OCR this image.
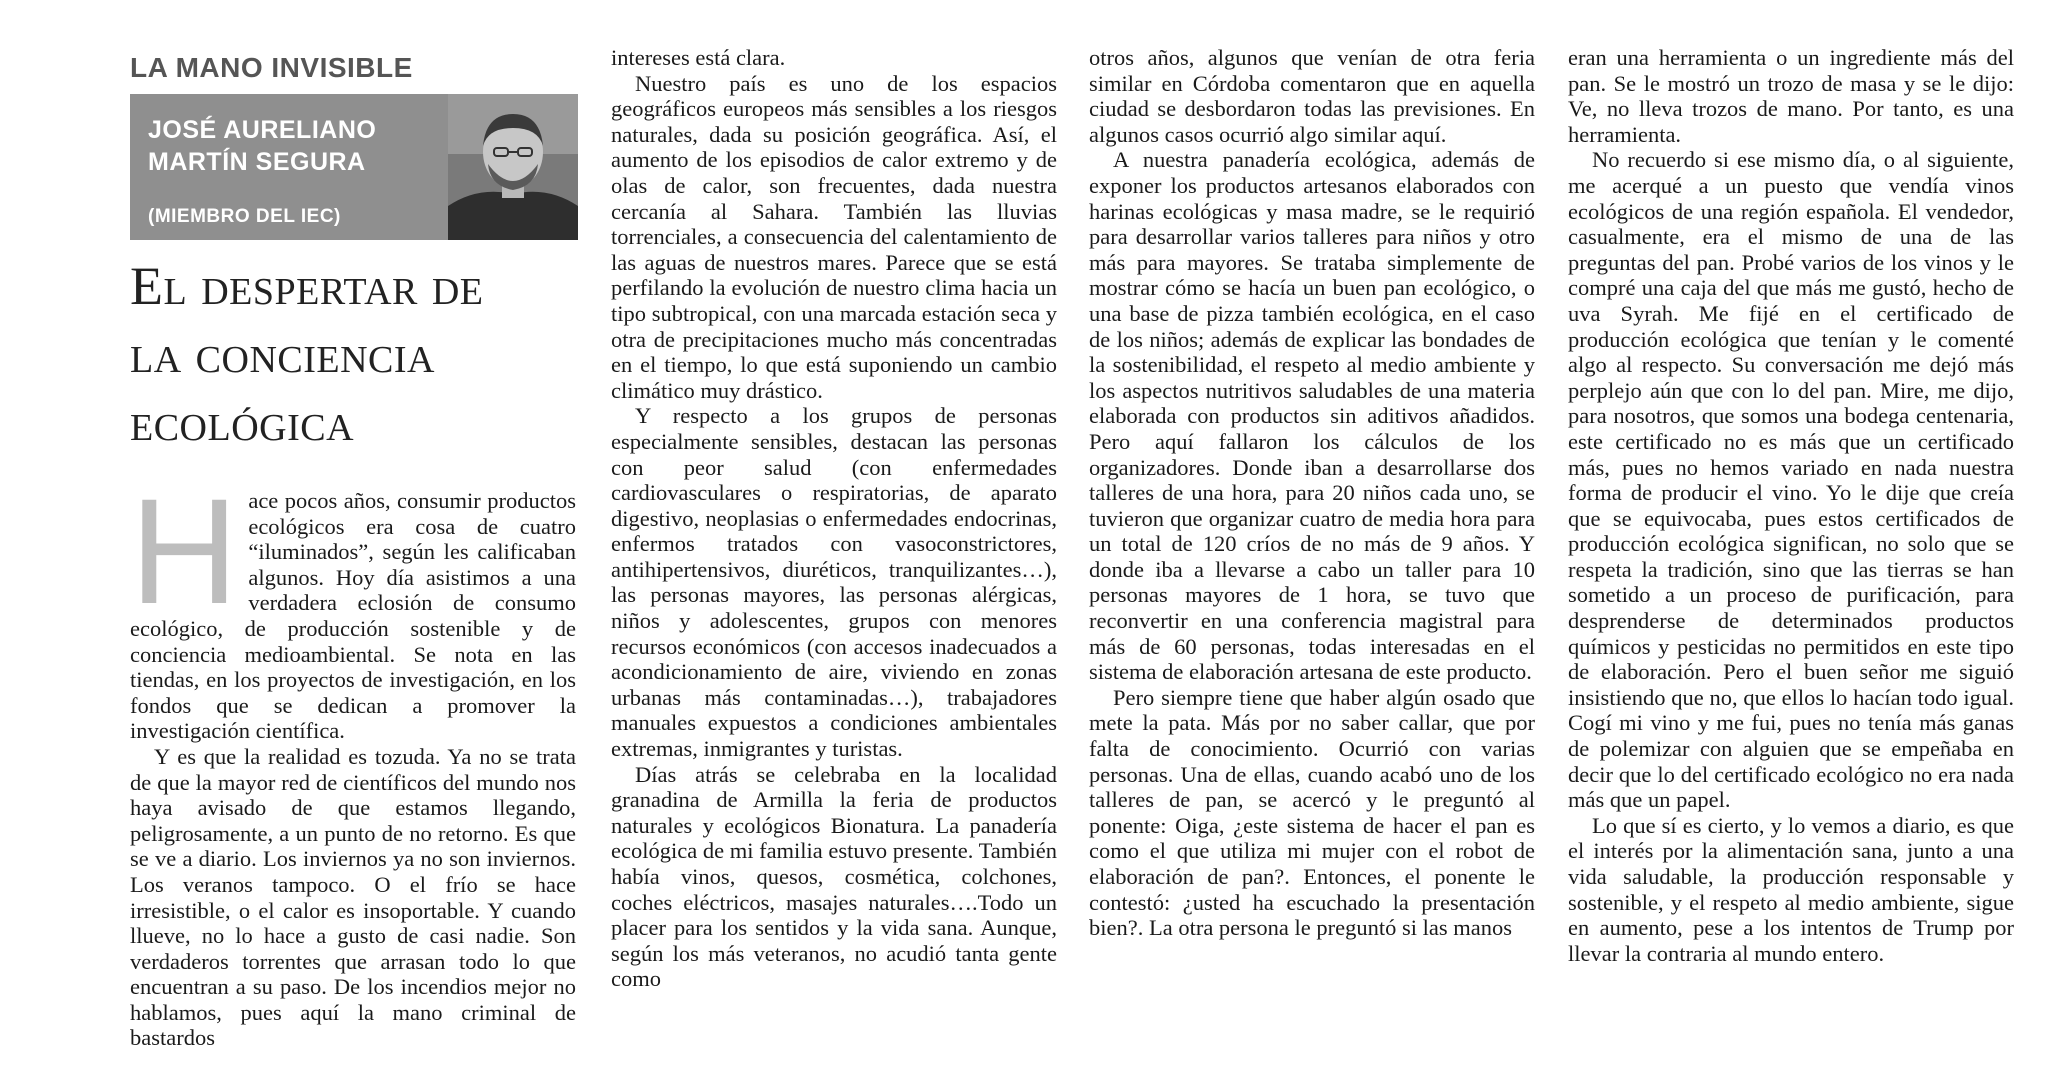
LA MANO INVISIBLE
JOSÉ AURELIANO
MARTÍN SEGURA
(MIEMBRO DEL IEC)
El despertar de
la conciencia
ecológica

Hace pocos años, consumir productos ecológicos era cosa de cuatro “iluminados”, según les calificaban algunos. Hoy día asistimos a una verdadera eclosión de consumo ecológico, de producción sostenible y de conciencia medioambiental. Se nota en las tiendas, en los proyectos de investigación, en los fondos que se dedican a promover la investigación científica.

Y es que la realidad es tozuda. Ya no se trata de que la mayor red de científicos del mundo nos haya avisado de que estamos llegando, peligrosamente, a un punto de no retorno. Es que se ve a diario. Los inviernos ya no son inviernos. Los veranos tampoco. O el frío se hace irresistible, o el calor es insoportable. Y cuando llueve, no lo hace a gusto de casi nadie. Son verdaderos torrentes que arrasan todo lo que encuentran a su paso. De los incendios mejor no hablamos, pues aquí la mano criminal de bastardos

intereses está clara.

Nuestro país es uno de los espacios geográficos europeos más sensibles a los riesgos naturales, dada su posición geográfica. Así, el aumento de los episodios de calor extremo y de olas de calor, son frecuentes, dada nuestra cercanía al Sahara. También las lluvias torrenciales, a consecuencia del calentamiento de las aguas de nuestros mares. Parece que se está perfilando la evolución de nuestro clima hacia un tipo subtropical, con una marcada estación seca y otra de precipitaciones mucho más concentradas en el tiempo, lo que está suponiendo un cambio climático muy drástico.

Y respecto a los grupos de personas especialmente sensibles, destacan las personas con peor salud (con enfermedades cardiovasculares o respiratorias, de aparato digestivo, neoplasias o enfermedades endocrinas, enfermos tratados con vasoconstrictores, antihipertensivos, diuréticos, tranquilizantes…), las personas mayores, las personas alérgicas, niños y adolescentes, grupos con menores recursos económicos (con accesos inadecuados a acondicionamiento de aire, viviendo en zonas urbanas más contaminadas…), trabajadores manuales expuestos a condiciones ambientales extremas, inmigrantes y turistas.

Días atrás se celebraba en la localidad granadina de Armilla la feria de productos naturales y ecológicos Bionatura. La panadería ecológica de mi familia estuvo presente. También había vinos, quesos, cosmética, colchones, coches eléctricos, masajes naturales….Todo un placer para los sentidos y la vida sana. Aunque, según los más veteranos, no acudió tanta gente como

otros años, algunos que venían de otra feria similar en Córdoba comentaron que en aquella ciudad se desbordaron todas las previsiones. En algunos casos ocurrió algo similar aquí.

A nuestra panadería ecológica, además de exponer los productos artesanos elaborados con harinas ecológicas y masa madre, se le requirió para desarrollar varios talleres para niños y otro más para mayores. Se trataba simplemente de mostrar cómo se hacía un buen pan ecológico, o una base de pizza también ecológica, en el caso de los niños; además de explicar las bondades de la sostenibilidad, el respeto al medio ambiente y los aspectos nutritivos saludables de una materia elaborada con productos sin aditivos añadidos. Pero aquí fallaron los cálculos de los organizadores. Donde iban a desarrollarse dos talleres de una hora, para 20 niños cada uno, se tuvieron que organizar cuatro de media hora para un total de 120 críos de no más de 9 años. Y donde iba a llevarse a cabo un taller para 10 personas mayores de 1 hora, se tuvo que reconvertir en una conferencia magistral para más de 60 personas, todas interesadas en el sistema de elaboración artesana de este producto.

Pero siempre tiene que haber algún osado que mete la pata. Más por no saber callar, que por falta de conocimiento. Ocurrió con varias personas. Una de ellas, cuando acabó uno de los talleres de pan, se acercó y le preguntó al ponente: Oiga, ¿este sistema de hacer el pan es como el que utiliza mi mujer con el robot de elaboración de pan?. Entonces, el ponente le contestó: ¿usted ha escuchado la presentación bien?. La otra persona le preguntó si las manos

eran una herramienta o un ingrediente más del pan. Se le mostró un trozo de masa y se le dijo: Ve, no lleva trozos de mano. Por tanto, es una herramienta.

No recuerdo si ese mismo día, o al siguiente, me acerqué a un puesto que vendía vinos ecológicos de una región española. El vendedor, casualmente, era el mismo de una de las preguntas del pan. Probé varios de los vinos y le compré una caja del que más me gustó, hecho de uva Syrah. Me fijé en el certificado de producción ecológica que tenían y le comenté algo al respecto. Su conversación me dejó más perplejo aún que con lo del pan. Mire, me dijo, para nosotros, que somos una bodega centenaria, este certificado no es más que un certificado más, pues no hemos variado en nada nuestra forma de producir el vino. Yo le dije que creía que se equivocaba, pues estos certificados de producción ecológica significan, no solo que se respeta la tradición, sino que las tierras se han sometido a un proceso de purificación, para desprenderse de determinados productos químicos y pesticidas no permitidos en este tipo de elaboración. Pero el buen señor me siguió insistiendo que no, que ellos lo hacían todo igual. Cogí mi vino y me fui, pues no tenía más ganas de polemizar con alguien que se empeñaba en decir que lo del certificado ecológico no era nada más que un papel.

Lo que sí es cierto, y lo vemos a diario, es que el interés por la alimentación sana, junto a una vida saludable, la producción responsable y sostenible, y el respeto al medio ambiente, sigue en aumento, pese a los intentos de Trump por llevar la contraria al mundo entero.
